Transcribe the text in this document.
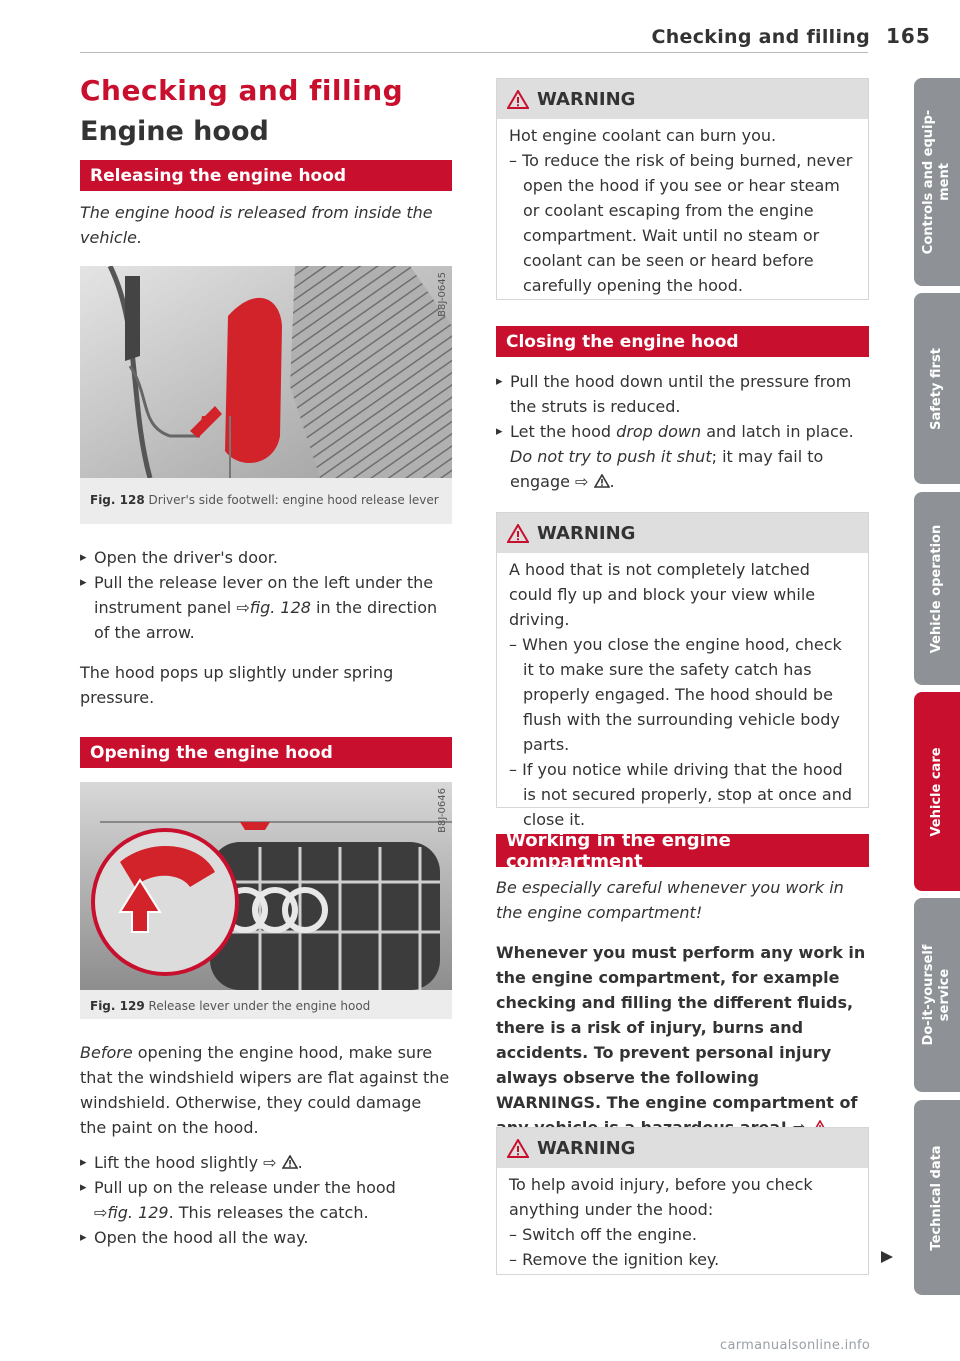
Checking and filling 165
Checking and filling
Engine hood
Releasing the engine hood
The engine hood is released from inside the vehicle.
B8J-0645
Fig. 128 Driver's side footwell: engine hood release lever
▸ Open the driver's door.
▸ Pull the release lever on the left under the instrument panel ⇨fig. 128 in the direction of the arrow.
The hood pops up slightly under spring pressure.
Opening the engine hood
B8J-0646
Fig. 129 Release lever under the engine hood
Before opening the engine hood, make sure that the windshield wipers are flat against the windshield. Otherwise, they could damage the paint on the hood.
▸ Lift the hood slightly ⇨ .
▸ Pull up on the release under the hood
⇨fig. 129. This releases the catch.
▸ Open the hood all the way.
WARNING
Hot engine coolant can burn you.
– To reduce the risk of being burned, never open the hood if you see or hear steam or coolant escaping from the engine compartment. Wait until no steam or coolant can be seen or heard before carefully opening the hood.
Closing the engine hood
▸ Pull the hood down until the pressure from the struts is reduced.
▸ Let the hood drop down and latch in place. Do not try to push it shut; it may fail to engage ⇨ .
WARNING
A hood that is not completely latched could fly up and block your view while driving.
– When you close the engine hood, check it to make sure the safety catch has properly engaged. The hood should be flush with the surrounding vehicle body parts.
– If you notice while driving that the hood is not secured properly, stop at once and close it.
Working in the engine compartment
Be especially careful whenever you work in the engine compartment!
Whenever you must perform any work in the engine compartment, for example checking and filling the different fluids, there is a risk of injury, burns and accidents. To prevent personal injury always observe the following WARNINGS. The engine compartment of
WARNING
To help avoid injury, before you check anything under the hood:
– Switch off the engine.
– Remove the ignition key.
Controls and equip-
ment
Safety first
Vehicle operation
Vehicle care
Do-it-yourself
service
Technical data
carmanualsonline.info
